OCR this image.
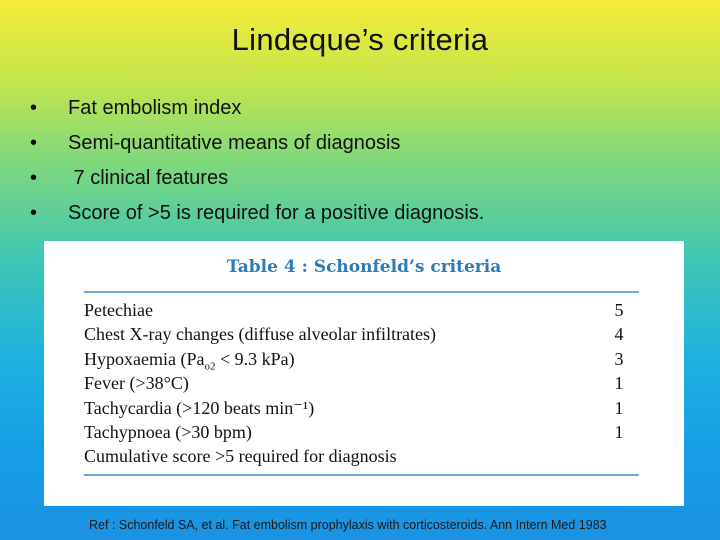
Lindeque’s criteria
•	Fat embolism index
•	Semi-quantitative means of diagnosis
•	7 clinical features
•	Score of >5 is required for a positive diagnosis.
Table 4 : Schonfeld’s criteria
Petechiae	5
Chest X-ray changes (diffuse alveolar infiltrates)	4
Hypoxaemia ($Pa_{o2} < 9.3$ kPa)	3
Fever (>38°C)	1
Tachycardia (>120 beats min⁻¹)	1
Tachypnoea (>30 bpm)	1
Cumulative score >5 required for diagnosis
Ref : Schonfeld SA, et al. Fat embolism prophylaxis with corticosteroids. Ann Intern Med 1983
